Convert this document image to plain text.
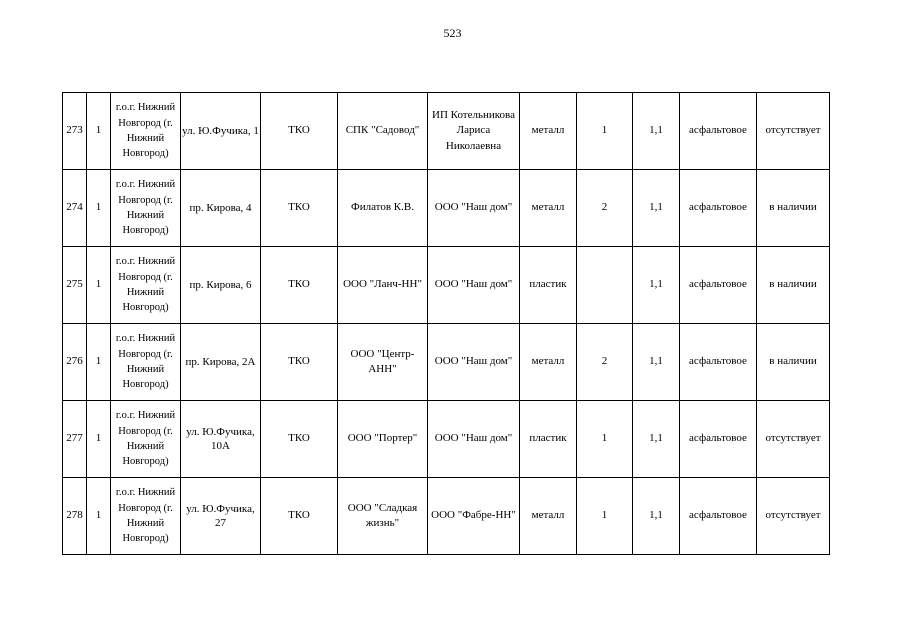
523
273	1	г.о.г. Нижний Новгород (г. Нижний Новгород)	ул. Ю.Фучика, 1	ТКО	СПК "Садовод"	ИП Котельникова Лариса Николаевна	металл	1	1,1	асфальтовое	отсутствует
274	1	г.о.г. Нижний Новгород (г. Нижний Новгород)	пр. Кирова, 4	ТКО	Филатов К.В.	ООО "Наш дом"	металл	2	1,1	асфальтовое	в наличии
275	1	г.о.г. Нижний Новгород (г. Нижний Новгород)	пр. Кирова, 6	ТКО	ООО "Ланч-НН"	ООО "Наш дом"	пластик		1,1	асфальтовое	в наличии
276	1	г.о.г. Нижний Новгород (г. Нижний Новгород)	пр. Кирова, 2А	ТКО	ООО "Центр-АНН"	ООО "Наш дом"	металл	2	1,1	асфальтовое	в наличии
277	1	г.о.г. Нижний Новгород (г. Нижний Новгород)	ул. Ю.Фучика, 10А	ТКО	ООО "Портер"	ООО "Наш дом"	пластик	1	1,1	асфальтовое	отсутствует
278	1	г.о.г. Нижний Новгород (г. Нижний Новгород)	ул. Ю.Фучика, 27	ТКО	ООО "Сладкая жизнь"	ООО "Фабре-НН"	металл	1	1,1	асфальтовое	отсутствует
